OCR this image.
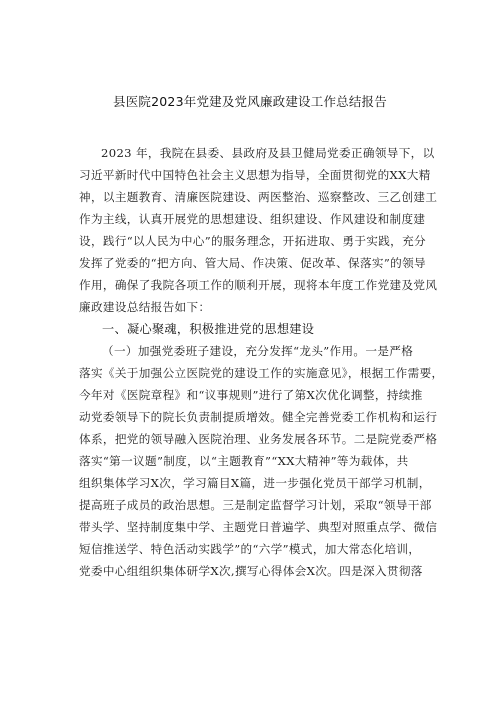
县医院2023年党建及党风廉政建设工作总结报告
2023 年，我院在县委、县政府及县卫健局党委正确领导下，以
习近平新时代中国特色社会主义思想为指导，全面贯彻党的XX大精
神，以主题教育、清廉医院建设、两医整治、巡察整改、三乙创建工
作为主线，认真开展党的思想建设、组织建设、作风建设和制度建
设，践行“以人民为中心”的服务理念，开拓进取、勇于实践，充分
发挥了党委的“把方向、管大局、作决策、促改革、保落实”的领导
作用，确保了我院各项工作的顺利开展，现将本年度工作党建及党风
廉政建设总结报告如下：
一、凝心聚魂，积极推进党的思想建设
（一）加强党委班子建设，充分发挥“龙头”作用。一是严格
落实《关于加强公立医院党的建设工作的实施意见》，根据工作需要，
今年对《医院章程》和“议事规则”进行了第X次优化调整，持续推
动党委领导下的院长负责制提质增效。健全完善党委工作机构和运行
体系，把党的领导融入医院治理、业务发展各环节。二是院党委严格
落实“第一议题”制度，以“主题教育”“XX大精神”等为载体，共
组织集体学习X次，学习篇目X篇，进一步强化党员干部学习机制，
提高班子成员的政治思想。三是制定监督学习计划，采取“领导干部
带头学、坚持制度集中学、主题党日普遍学、典型对照重点学、微信
短信推送学、特色活动实践学”的“六学”模式，加大常态化培训，
党委中心组组织集体研学X次,撰写心得体会X次。四是深入贯彻落
